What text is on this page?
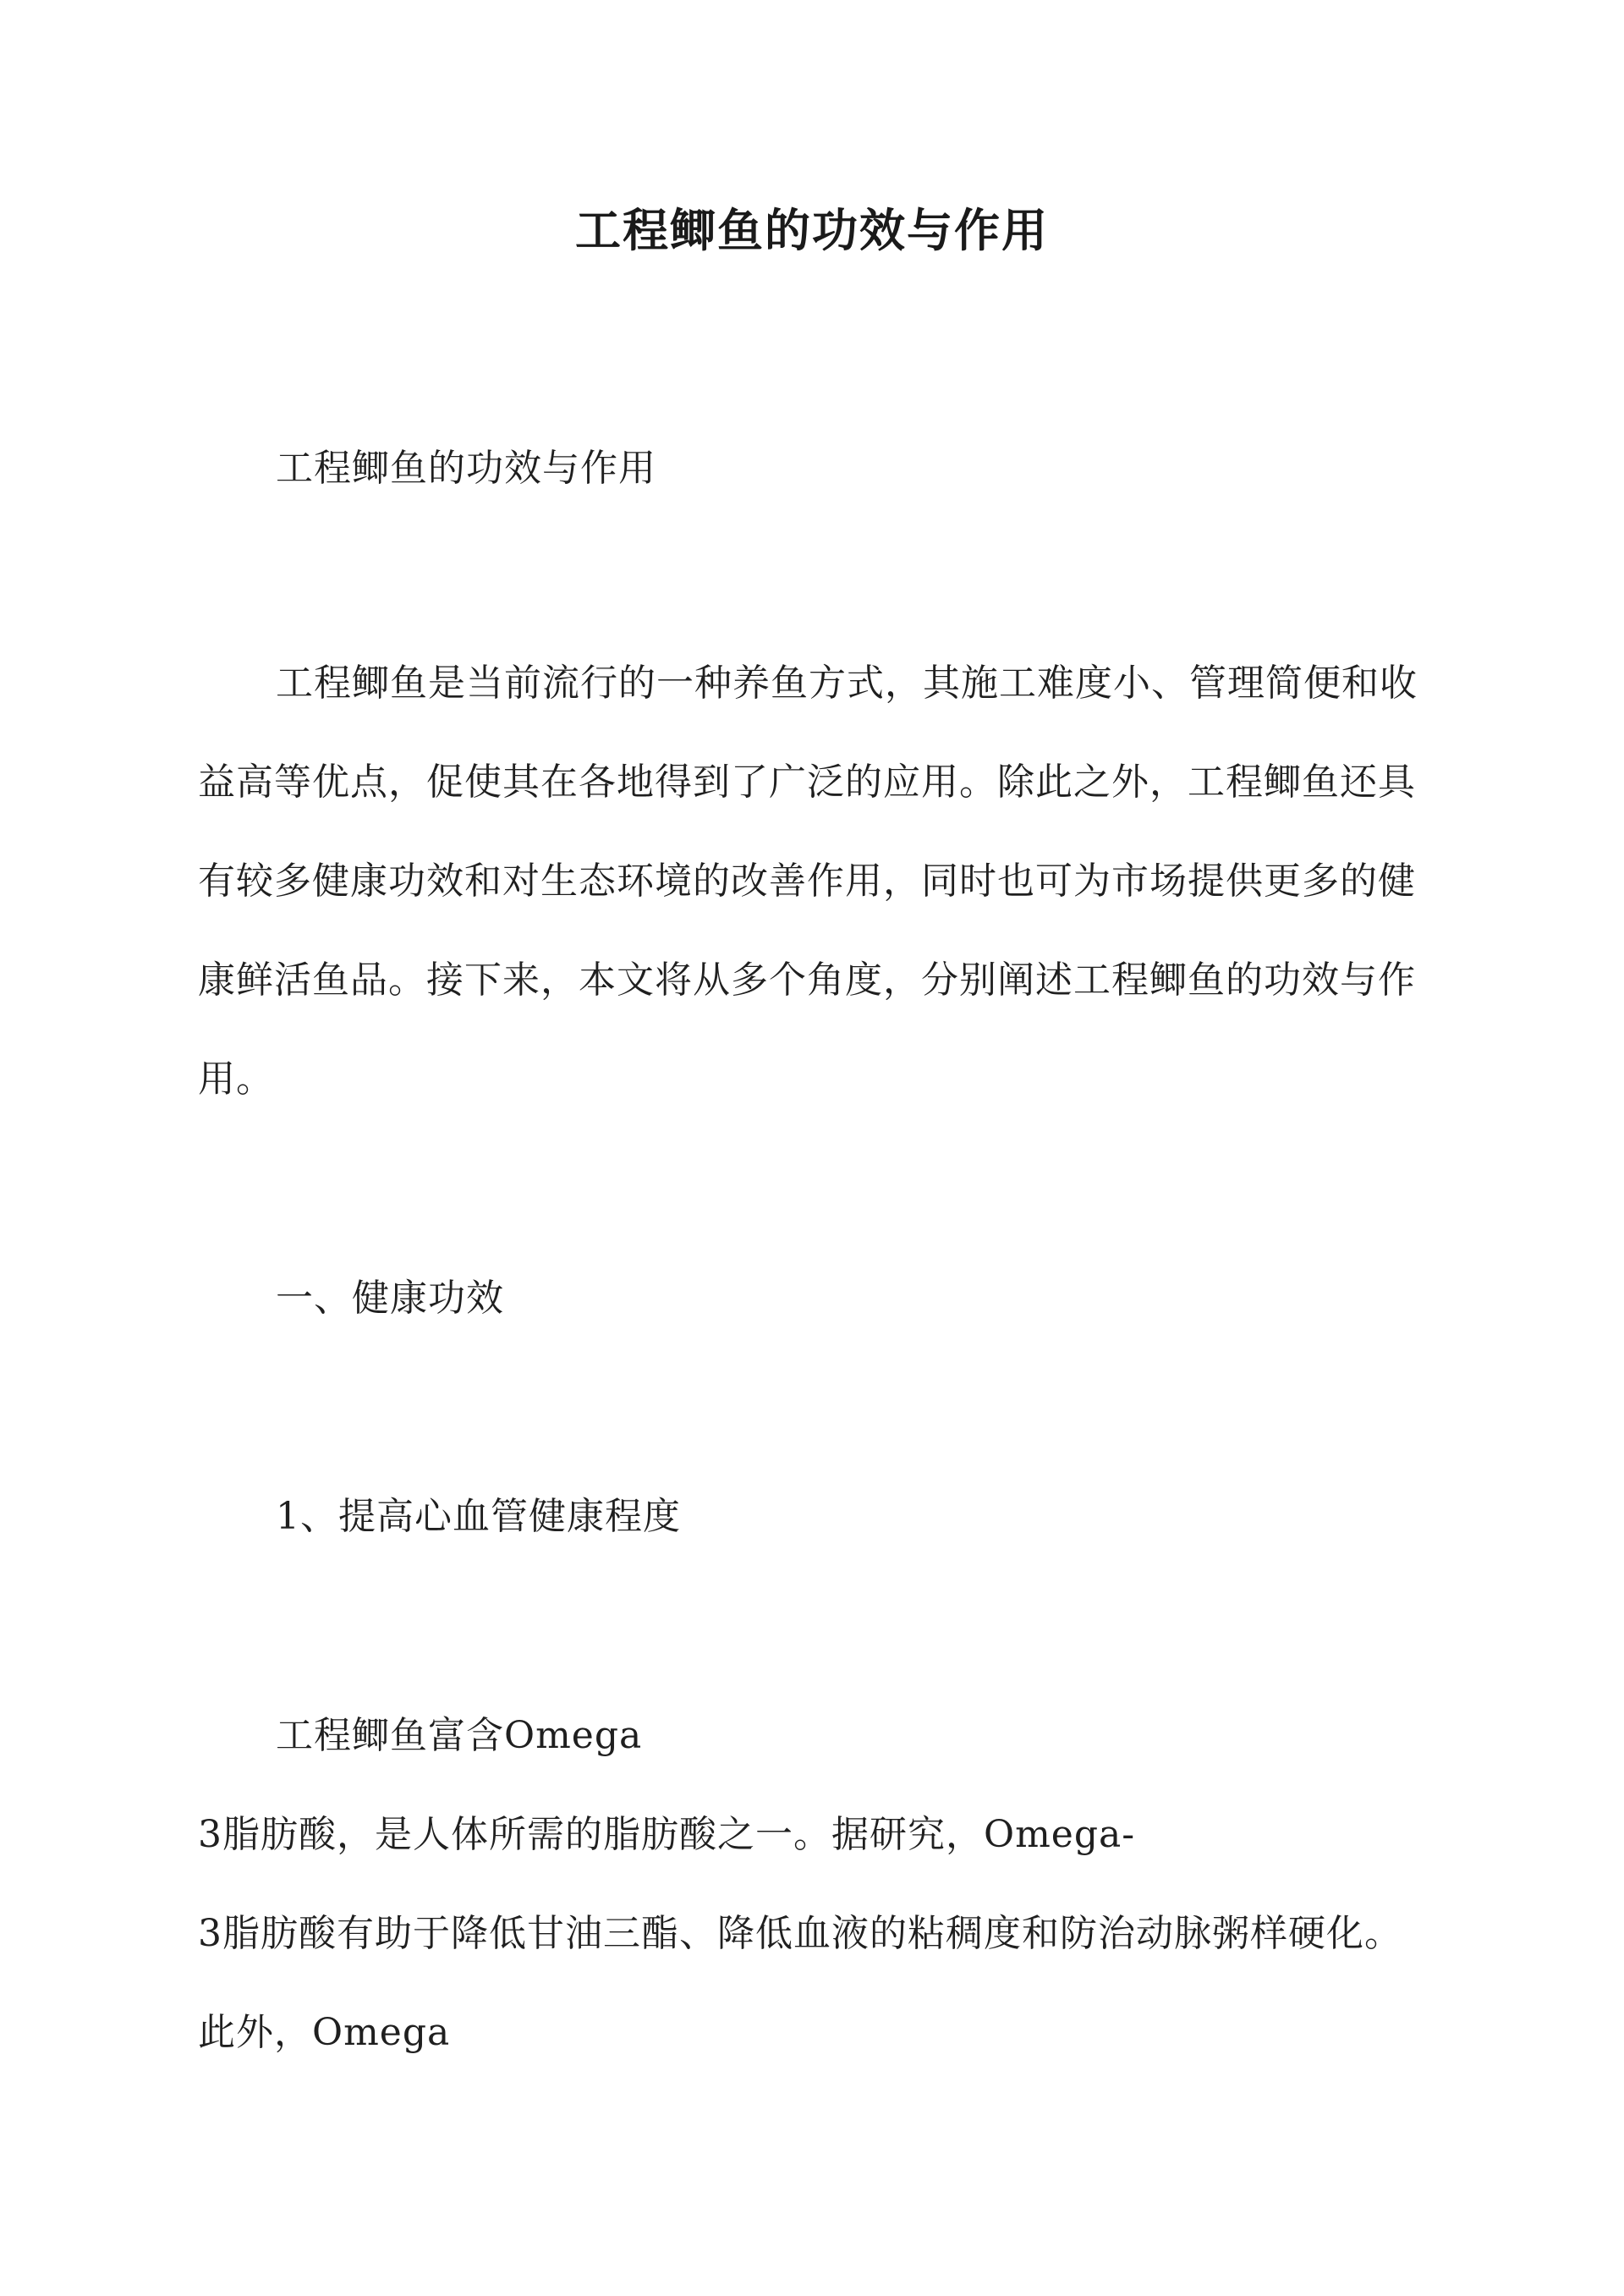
工程鲫鱼的功效与作用
工程鲫鱼的功效与作用
工程鲫鱼是当前流行的一种养鱼方式，其施工难度小、管理简便和收
益高等优点，促使其在各地得到了广泛的应用。除此之外，工程鲫鱼还具
有较多健康功效和对生态环境的改善作用，同时也可为市场提供更多的健
康鲜活鱼品。接下来，本文将从多个角度，分别阐述工程鲫鱼的功效与作
用。
一、健康功效
1、提高心血管健康程度
工程鲫鱼富含Omega
3脂肪酸，是人体所需的脂肪酸之一。据研究，Omega-
3脂肪酸有助于降低甘油三酯、降低血液的粘稠度和防治动脉粥样硬化。
此外，Omega
